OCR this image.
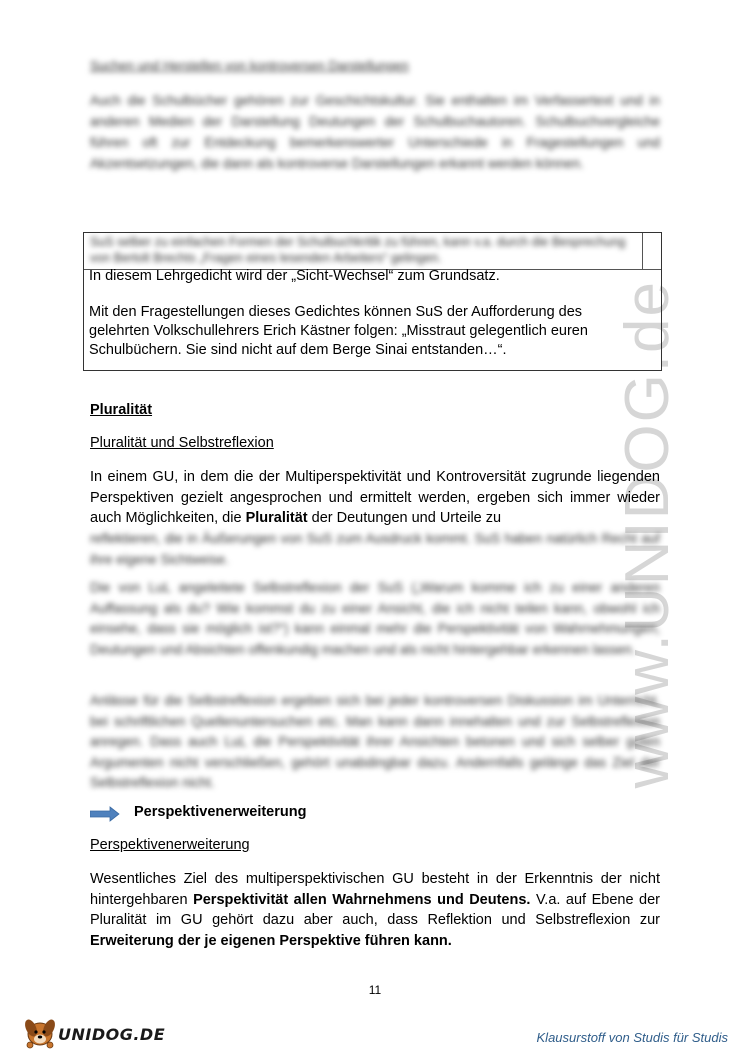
www.UNIDOG.de
Suchen und Herstellen von kontroversen Darstellungen
Auch die Schulbücher gehören zur Geschichtskultur. Sie enthalten im Verfassertext und in anderen Medien der Darstellung Deutungen der Schulbuchautoren. Schulbuchvergleiche führen oft zur Entdeckung bemerkenswerter Unterschiede in Fragestellungen und Akzentsetzungen, die dann als kontroverse Darstellungen erkannt werden können.
SuS selber zu einfachen Formen der Schulbuchkritik zu führen, kann v.a. durch die Besprechung von Bertolt Brechts „Fragen eines lesenden Arbeiters“ gelingen.
In diesem Lehrgedicht wird der „Sicht-Wechsel“ zum Grundsatz.
Mit den Fragestellungen dieses Gedichtes können SuS der Aufforderung des
gelehrten Volkschullehrers Erich Kästner folgen: „Misstraut gelegentlich euren
Schulbüchern. Sie sind nicht auf dem Berge Sinai entstanden…“.
Pluralität
Pluralität und Selbstreflexion
In einem GU, in dem die der Multiperspektivität und Kontroversität zugrunde liegenden Perspektiven gezielt angesprochen und ermittelt werden, ergeben sich immer wieder auch Möglichkeiten, die Pluralität der Deutungen und Urteile zu
reflektieren, die in Äußerungen von SuS zum Ausdruck kommt. SuS haben natürlich Recht auf ihre eigene Sichtweise.
Die von LuL angeleitete Selbstreflexion der SuS („Warum komme ich zu einer anderen Auffassung als du? Wie kommst du zu einer Ansicht, die ich nicht teilen kann, obwohl ich einsehe, dass sie möglich ist?“) kann einmal mehr die Perspektivität von Wahrnehmungen, Deutungen und Absichten offenkundig machen und als nicht hintergehbar erkennen lassen.
Anlässe für die Selbstreflexion ergeben sich bei jeder kontroversen Diskussion im Unterricht, bei schriftlichen Quellenuntersuchen etc. Man kann dann innehalten und zur Selbstreflexion anregen. Dass auch LuL die Perspektivität ihrer Ansichten betonen und sich selber guten Argumenten nicht verschließen, gehört unabdingbar dazu. Andernfalls gelänge das Ziel der Selbstreflexion nicht.
Perspektivenerweiterung
Perspektivenerweiterung
Wesentliches Ziel des multiperspektivischen GU besteht in der Erkenntnis der nicht hintergehbaren Perspektivität allen Wahrnehmens und Deutens. V.a. auf Ebene der Pluralität im GU gehört dazu aber auch, dass Reflektion und Selbstreflexion zur Erweiterung der je eigenen Perspektive führen kann.
11
UNIDOG.DE	Klausurstoff von Studis für Studis
